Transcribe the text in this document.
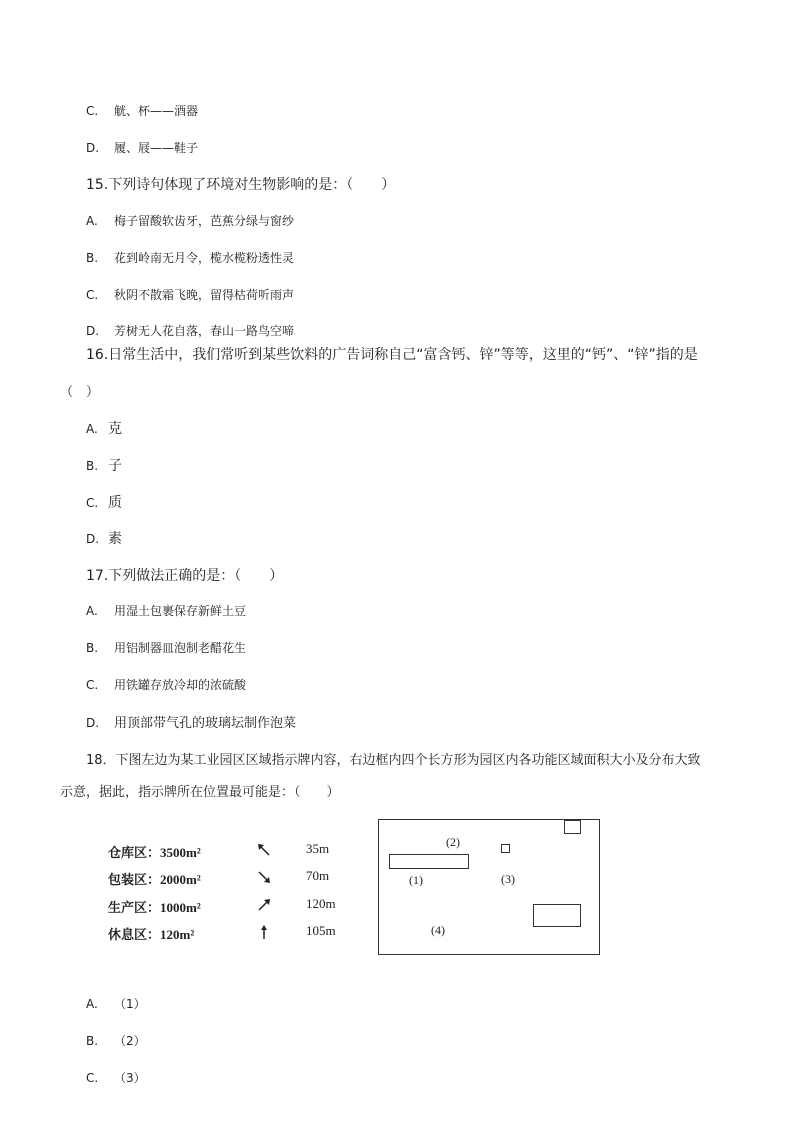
C. 觥、杯——酒器
D. 履、屐——鞋子
15.下列诗句体现了环境对生物影响的是：（　　）
A. 梅子留酸软齿牙，芭蕉分绿与窗纱
B. 花到岭南无月令，榄水榄粉透性灵
C. 秋阴不散霜飞晚，留得枯荷听雨声
D. 芳树无人花自落，春山一路鸟空啼
16.日常生活中，我们常听到某些饮料的广告词称自己“富含钙、锌”等等，这里的“钙”、“锌”指的是
（　）
A. 克
B. 子
C. 质
D. 素
17.下列做法正确的是：（　　）
A. 用湿土包裹保存新鲜土豆
B. 用铝制器皿泡制老醋花生
C. 用铁罐存放冷却的浓硫酸
D. 用顶部带气孔的玻璃坛制作泡菜
18．下图左边为某工业园区区域指示牌内容，右边框内四个长方形为园区内各功能区域面积大小及分布大致
示意，据此，指示牌所在位置最可能是：（　　）
仓库区：3500m²
包装区：2000m²
生产区：1000m²
休息区：120m²
35m
70m
120m
105m
(1)
(2)
(3)
(4)
A. （1）
B. （2）
C. （3）
